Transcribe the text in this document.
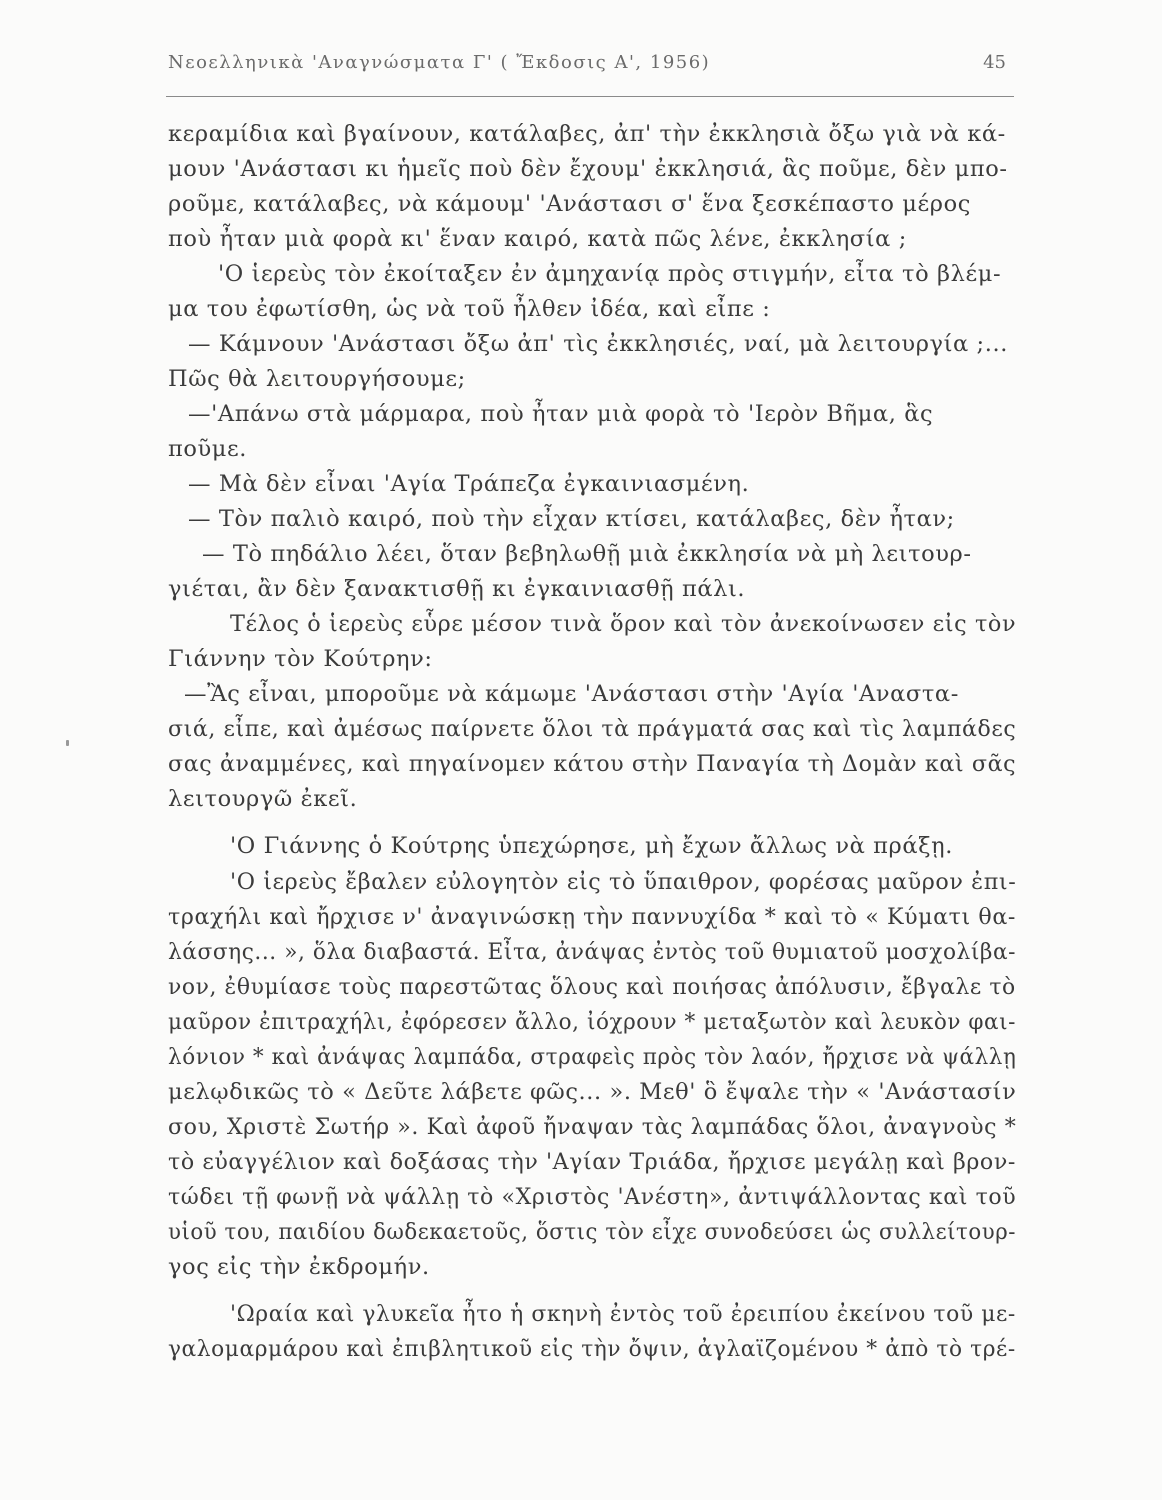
Νεοελληνικὰ 'Αναγνώσματα Γ' ( Ἔκδοσις Α', 1956)	45
κεραμίδια καὶ βγαίνουν, κατάλαβες, ἀπ' τὴν ἐκκλησιὰ ὄξω γιὰ νὰ κά-
μουν 'Ανάστασι κι ἡμεῖς ποὺ δὲν ἔχουμ' ἐκκλησιά, ἃς ποῦμε, δὲν μπο-
ροῦμε, κατάλαβες, νὰ κάμουμ' 'Ανάστασι σ' ἕνα ξεσκέπαστο μέρος
ποὺ ἦταν μιὰ φορὰ κι' ἕναν καιρό, κατὰ πῶς λένε, ἐκκλησία ;
'Ο ἱερεὺς τὸν ἐκοίταξεν ἐν ἀμηχανίᾳ πρὸς στιγμήν, εἶτα τὸ βλέμ-
μα του ἐφωτίσθη, ὡς νὰ τοῦ ἦλθεν ἰδέα, καὶ εἶπε :
— Κάμνουν 'Ανάστασι ὄξω ἀπ' τὶς ἐκκλησιές, ναί, μὰ λειτουργία ;...
Πῶς θὰ λειτουργήσουμε;
—'Απάνω στὰ μάρμαρα, ποὺ ἦταν μιὰ φορὰ τὸ 'Ιερὸν Βῆμα, ἃς
ποῦμε.
— Μὰ δὲν εἶναι 'Αγία Τράπεζα ἐγκαινιασμένη.
— Τὸν παλιὸ καιρό, ποὺ τὴν εἶχαν κτίσει, κατάλαβες, δὲν ἦταν;
— Τὸ πηδάλιο λέει, ὅταν βεβηλωθῇ μιὰ ἐκκλησία νὰ μὴ λειτουρ-
γιέται, ἂν δὲν ξανακτισθῇ κι ἐγκαινιασθῇ πάλι.
Τέλος ὁ ἱερεὺς εὗρε μέσον τινὰ ὅρον καὶ τὸν ἀνεκοίνωσεν εἰς τὸν
Γιάννην τὸν Κούτρην:
—Ἂς εἶναι, μποροῦμε νὰ κάμωμε 'Ανάστασι στὴν 'Αγία 'Αναστα-
σιά, εἶπε, καὶ ἀμέσως παίρνετε ὅλοι τὰ πράγματά σας καὶ τὶς λαμπάδες
σας ἀναμμένες, καὶ πηγαίνομεν κάτου στὴν Παναγία τὴ Δομὰν καὶ σᾶς
λειτουργῶ ἐκεῖ.
'Ο Γιάννης ὁ Κούτρης ὑπεχώρησε, μὴ ἔχων ἄλλως νὰ πράξῃ.
'Ο ἱερεὺς ἔβαλεν εὐλογητὸν εἰς τὸ ὕπαιθρον, φορέσας μαῦρον ἐπι-
τραχήλι καὶ ἤρχισε ν' ἀναγινώσκῃ τὴν παννυχίδα * καὶ τὸ « Κύματι θα-
λάσσης... », ὅλα διαβαστά. Εἶτα, ἀνάψας ἐντὸς τοῦ θυμιατοῦ μοσχολίβα-
νον, ἐθυμίασε τοὺς παρεστῶτας ὅλους καὶ ποιήσας ἀπόλυσιν, ἔβγαλε τὸ
μαῦρον ἐπιτραχήλι, ἐφόρεσεν ἄλλο, ἰόχρουν * μεταξωτὸν καὶ λευκὸν φαι-
λόνιον * καὶ ἀνάψας λαμπάδα, στραφεὶς πρὸς τὸν λαόν, ἤρχισε νὰ ψάλλῃ
μελῳδικῶς τὸ « Δεῦτε λάβετε φῶς... ». Μεθ' ὃ ἔψαλε τὴν « 'Ανάστασίν
σου, Χριστὲ Σωτήρ ». Καὶ ἀφοῦ ἤναψαν τὰς λαμπάδας ὅλοι, ἀναγνοὺς *
τὸ εὐαγγέλιον καὶ δοξάσας τὴν 'Αγίαν Τριάδα, ἤρχισε μεγάλῃ καὶ βρον-
τώδει τῇ φωνῇ νὰ ψάλλῃ τὸ «Χριστὸς 'Ανέστη», ἀντιψάλλοντας καὶ τοῦ
υἱοῦ του, παιδίου δωδεκαετοῦς, ὅστις τὸν εἶχε συνοδεύσει ὡς συλλείτουρ-
γος εἰς τὴν ἐκδρομήν.
'Ωραία καὶ γλυκεῖα ἦτο ἡ σκηνὴ ἐντὸς τοῦ ἐρειπίου ἐκείνου τοῦ με-
γαλομαρμάρου καὶ ἐπιβλητικοῦ εἰς τὴν ὄψιν, ἀγλαϊζομένου * ἀπὸ τὸ τρέ-
